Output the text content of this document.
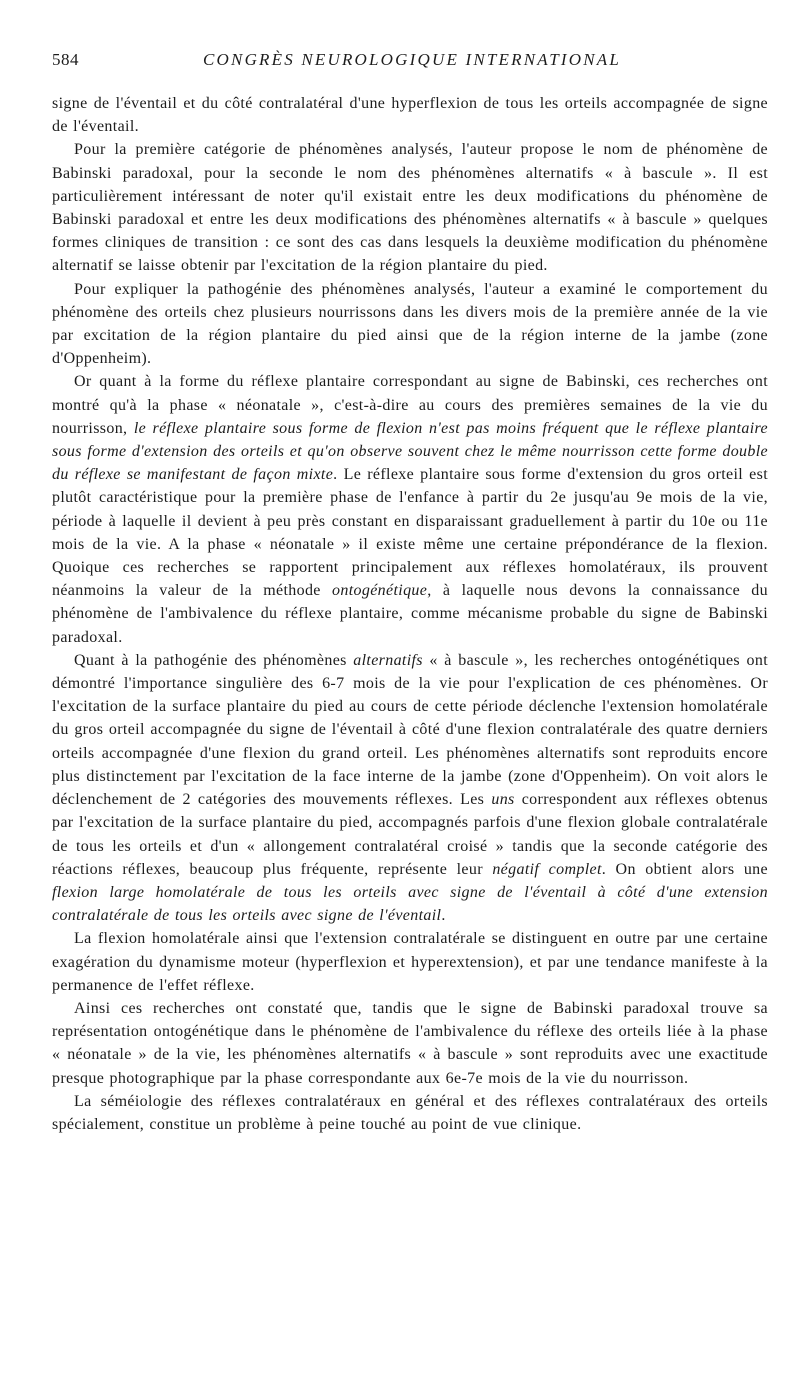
584	CONGRÈS NEUROLOGIQUE INTERNATIONAL

signe de l'éventail et du côté contralatéral d'une hyperflexion de tous les orteils accompagnée de signe de l'éventail.

Pour la première catégorie de phénomènes analysés, l'auteur propose le nom de phénomène de Babinski paradoxal, pour la seconde le nom des phénomènes alternatifs « à bascule ». Il est particulièrement intéressant de noter qu'il existait entre les deux modifications du phénomène de Babinski paradoxal et entre les deux modifications des phénomènes alternatifs « à bascule » quelques formes cliniques de transition : ce sont des cas dans lesquels la deuxième modification du phénomène alternatif se laisse obtenir par l'excitation de la région plantaire du pied.

Pour expliquer la pathogénie des phénomènes analysés, l'auteur a examiné le comportement du phénomène des orteils chez plusieurs nourrissons dans les divers mois de la première année de la vie par excitation de la région plantaire du pied ainsi que de la région interne de la jambe (zone d'Oppenheim).

Or quant à la forme du réflexe plantaire correspondant au signe de Babinski, ces recherches ont montré qu'à la phase « néonatale », c'est-à-dire au cours des premières semaines de la vie du nourrisson, le réflexe plantaire sous forme de flexion n'est pas moins fréquent que le réflexe plantaire sous forme d'extension des orteils et qu'on observe souvent chez le même nourrisson cette forme double du réflexe se manifestant de façon mixte. Le réflexe plantaire sous forme d'extension du gros orteil est plutôt caractéristique pour la première phase de l'enfance à partir du 2e jusqu'au 9e mois de la vie, période à laquelle il devient à peu près constant en disparaissant graduellement à partir du 10e ou 11e mois de la vie. A la phase « néonatale » il existe même une certaine prépondérance de la flexion. Quoique ces recherches se rapportent principalement aux réflexes homolatéraux, ils prouvent néanmoins la valeur de la méthode ontogénétique, à laquelle nous devons la connaissance du phénomène de l'ambivalence du réflexe plantaire, comme mécanisme probable du signe de Babinski paradoxal.

Quant à la pathogénie des phénomènes alternatifs « à bascule », les recherches ontogénétiques ont démontré l'importance singulière des 6-7 mois de la vie pour l'explication de ces phénomènes. Or l'excitation de la surface plantaire du pied au cours de cette période déclenche l'extension homolatérale du gros orteil accompagnée du signe de l'éventail à côté d'une flexion contralatérale des quatre derniers orteils accompagnée d'une flexion du grand orteil. Les phénomènes alternatifs sont reproduits encore plus distinctement par l'excitation de la face interne de la jambe (zone d'Oppenheim). On voit alors le déclenchement de 2 catégories des mouvements réflexes. Les uns correspondent aux réflexes obtenus par l'excitation de la surface plantaire du pied, accompagnés parfois d'une flexion globale contralatérale de tous les orteils et d'un « allongement contralatéral croisé » tandis que la seconde catégorie des réactions réflexes, beaucoup plus fréquente, représente leur négatif complet. On obtient alors une flexion large homolatérale de tous les orteils avec signe de l'éventail à côté d'une extension contralatérale de tous les orteils avec signe de l'éventail.

La flexion homolatérale ainsi que l'extension contralatérale se distinguent en outre par une certaine exagération du dynamisme moteur (hyperflexion et hyperextension), et par une tendance manifeste à la permanence de l'effet réflexe.

Ainsi ces recherches ont constaté que, tandis que le signe de Babinski paradoxal trouve sa représentation ontogénétique dans le phénomène de l'ambivalence du réflexe des orteils liée à la phase « néonatale » de la vie, les phénomènes alternatifs « à bascule » sont reproduits avec une exactitude presque photographique par la phase correspondante aux 6e-7e mois de la vie du nourrisson.

La séméiologie des réflexes contralatéraux en général et des réflexes contralatéraux des orteils spécialement, constitue un problème à peine touché au point de vue clinique.
